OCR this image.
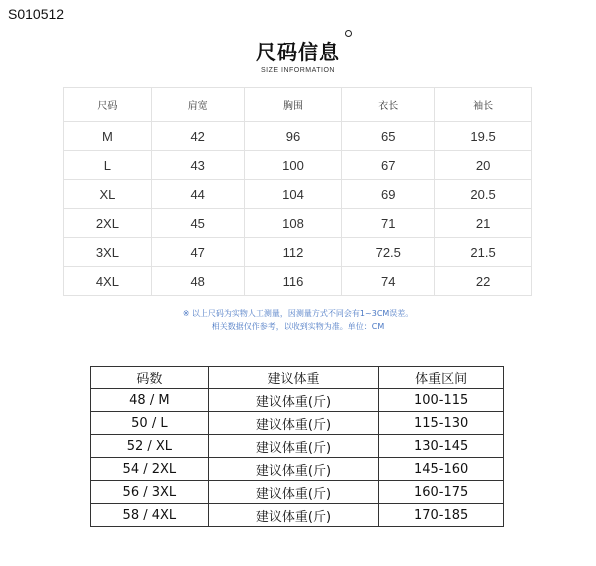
S010512
尺码信息
SIZE INFORMATION
尺码	肩宽	胸围	衣长	袖长
M	42	96	65	19.5
L	43	100	67	20
XL	44	104	69	20.5
2XL	45	108	71	21
3XL	47	112	72.5	21.5
4XL	48	116	74	22
※ 以上尺码为实物人工测量，因测量方式不同会有1~3CM误差。
相关数据仅作参考，以收到实物为准。单位：CM
码数	建议体重	体重区间
48 / M	建议体重(斤)	100-115
50 / L	建议体重(斤)	115-130
52 / XL	建议体重(斤)	130-145
54 / 2XL	建议体重(斤)	145-160
56 / 3XL	建议体重(斤)	160-175
58 / 4XL	建议体重(斤)	170-185
